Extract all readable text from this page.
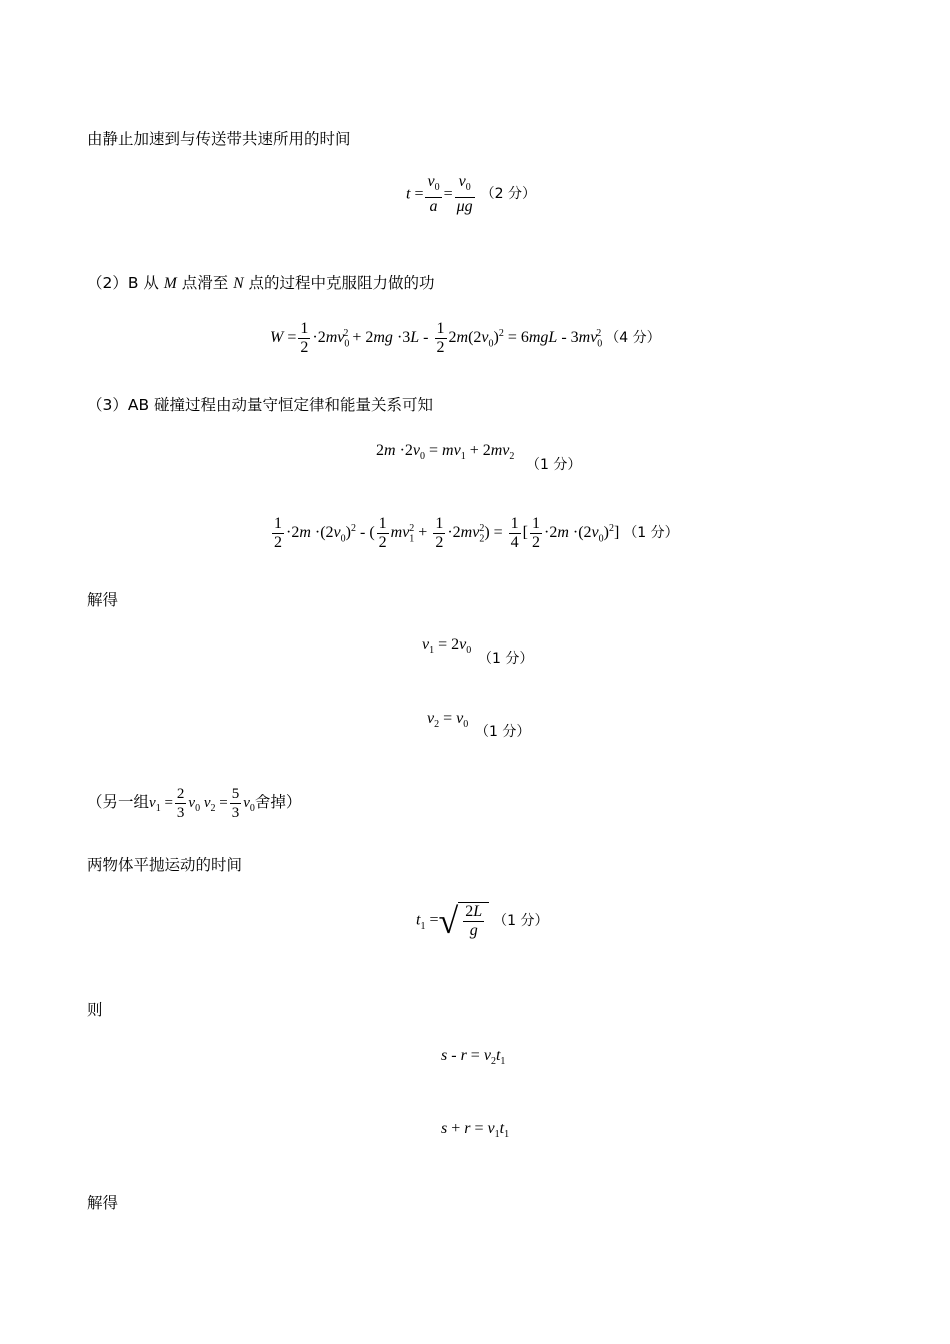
由静止加速到与传送带共速所用的时间
$t = \frac{v_0}{a} = \frac{v_0}{\mu g} (2$ 分）
（2）B 从 M 点滑至 N 点的过程中克服阻力做的功
$W = \frac{1}{2} \cdot 2mv_0^2 + 2mg \cdot 3L - \frac{1}{2} 2m(2v_0)^2 = 6mgL - 3mv_0^2$ （4 分）
（3）AB 碰撞过程由动量守恒定律和能量关系可知
$2m \cdot 2v_0 = mv_1 + 2mv_2$
（1 分）
$\frac{1}{2} \cdot 2m \cdot(2v_0)^2$ - ( $\frac{1}{2} mv_1^2 + \frac{1}{2} \cdot 2mv_2^2) = \frac{1}{4}$ [ $\frac{1}{2} \cdot 2m \cdot(2v_0)^2$] （1 分）
解得
$v_1 = 2v_0$
（1 分）
$v_2 = v_0$ （1 分）
（另一组$v_1 = \frac{2}{3} v_0$ $v_2 = \frac{5}{3} v_0$舍掉）
两物体平抛运动的时间
$t_1$ =√ $\frac{2L}{g} (1$ 分）
则
$s - r = v_2t_1$
$s + r = v_1t_1$
解得
